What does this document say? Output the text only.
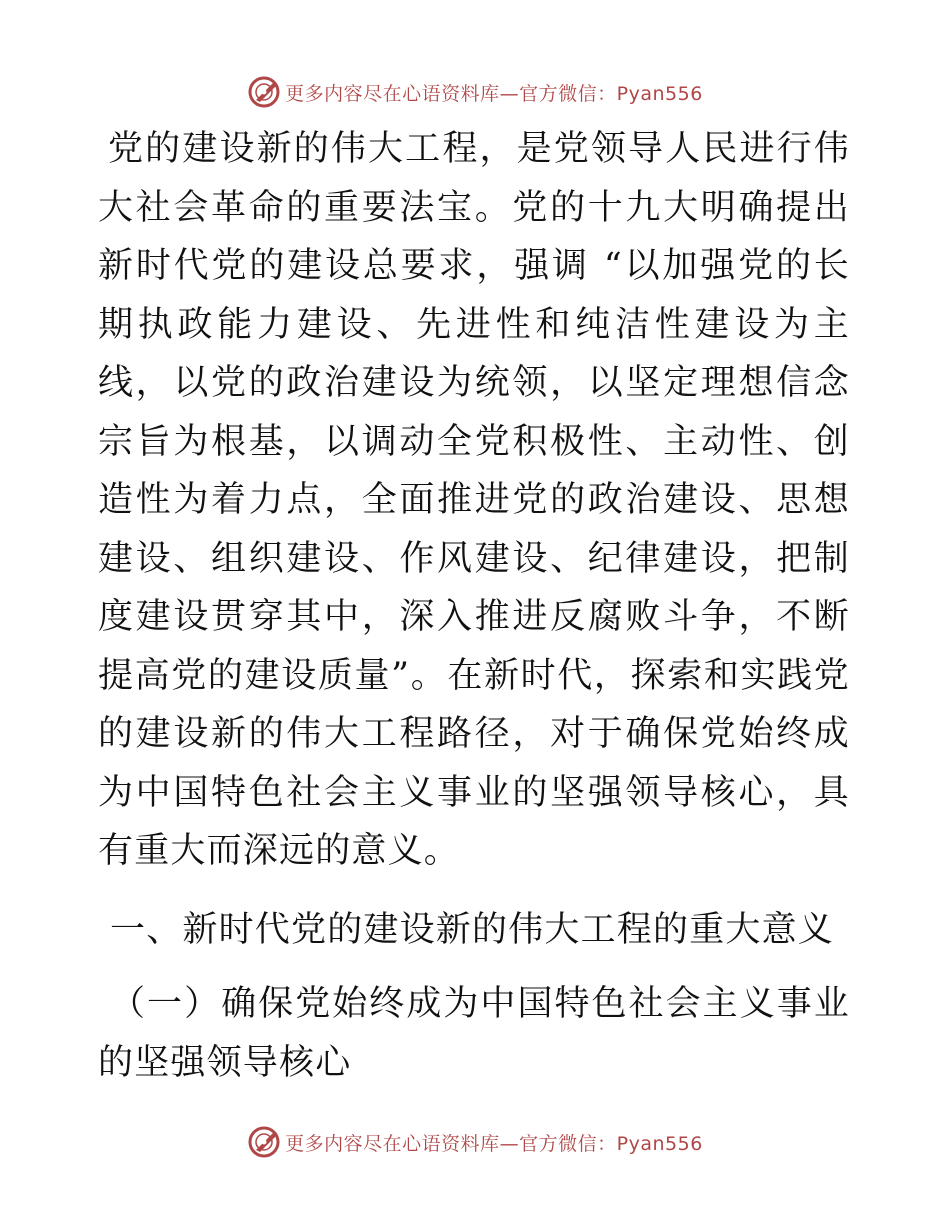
更多内容尽在心语资料库—官方微信：Pyan556

党的建设新的伟大工程，是党领导人民进行伟大社会革命的重要法宝。党的十九大明确提出新时代党的建设总要求，强调 “以加强党的长期执政能力建设、先进性和纯洁性建设为主线，以党的政治建设为统领，以坚定理想信念宗旨为根基，以调动全党积极性、主动性、创造性为着力点，全面推进党的政治建设、思想建设、组织建设、作风建设、纪律建设，把制度建设贯穿其中，深入推进反腐败斗争，不断提高党的建设质量”。在新时代，探索和实践党的建设新的伟大工程路径，对于确保党始终成为中国特色社会主义事业的坚强领导核心，具有重大而深远的意义。

一、新时代党的建设新的伟大工程的重大意义

（一）确保党始终成为中国特色社会主义事业的坚强领导核心

更多内容尽在心语资料库—官方微信：Pyan556
